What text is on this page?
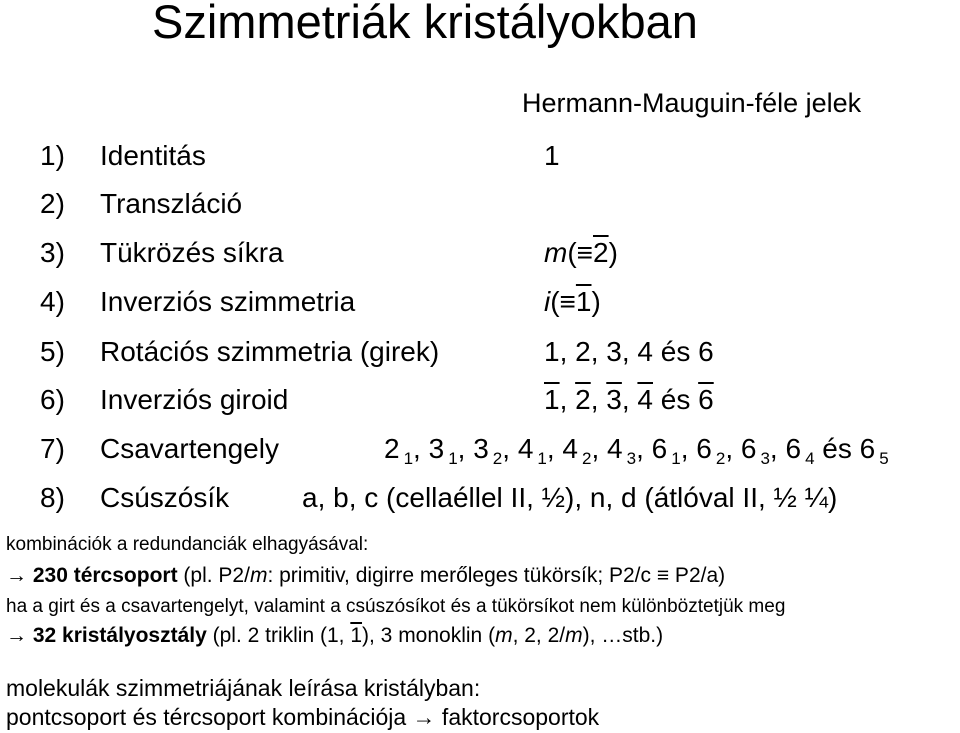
Szimmetriák kristályokban
Hermann-Mauguin-féle jelek
1) Identitás	1
2) Transzláció
3) Tükrözés síkra	m(≡2)
4) Inverziós szimmetria	i(≡1)
5) Rotációs szimmetria (girek)	1, 2, 3, 4 és 6
6) Inverziós giroid	1, 2, 3, 4 és 6
7) Csavartengely	2 $_1$, 3 $_1$, 3 $_2$, 4 $_1$, 4 $_2$, 4 $_3$, 6 $_1$, 6 $_2$, 6 $_3$, 6 $_4$ és 6 $_5$
8) Csúszósík	a, b, c (cellaéllel II, ½), n, d (átlóval II, ½ ¼)
kombinációk a redundanciák elhagyásával:
→ 230 tércsoport (pl. P2/m: primitiv, digirre merőleges tükörsík; P2/c ≡ P2/a)
ha a girt és a csavartengelyt, valamint a csúszósíkot és a tükörsíkot nem különböztetjük meg
→ 32 kristályosztály (pl. 2 triklin (1, 1), 3 monoklin (m, 2, 2/m), …stb.)
molekulák szimmetriájának leírása kristályban:
pontcsoport és tércsoport kombinációja → faktorcsoportok
